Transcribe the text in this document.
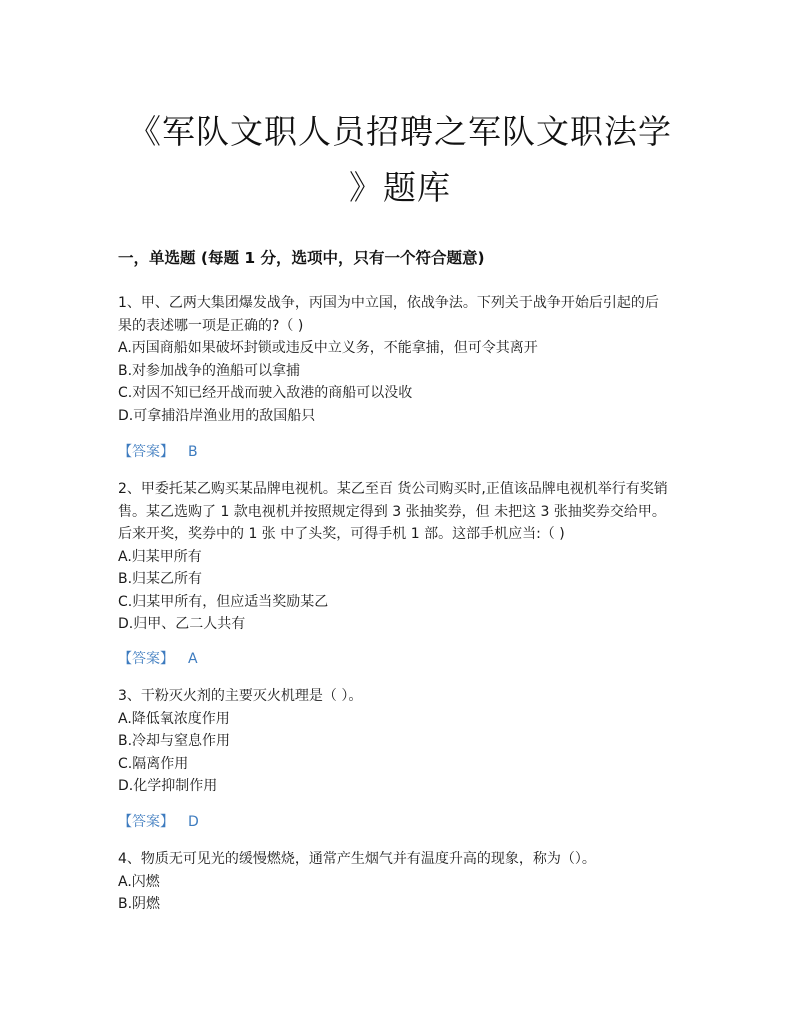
《军队文职人员招聘之军队文职法学
》题库
一，单选题 (每题 1 分，选项中，只有一个符合题意)

1、甲、乙两大集团爆发战争，丙国为中立国，依战争法。下列关于战争开始后引起的后

果的表述哪一项是正确的?（ )

A.丙国商船如果破坏封锁或违反中立义务，不能拿捕，但可令其离开

B.对参加战争的渔船可以拿捕

C.对因不知已经开战而驶入敌港的商船可以没收

D.可拿捕沿岸渔业用的敌国船只

【答案】 B

2、甲委托某乙购买某品牌电视机。某乙至百 货公司购买时,正值该品牌电视机举行有奖销

售。某乙选购了 1 款电视机并按照规定得到 3 张抽奖券，但 未把这 3 张抽奖券交给甲。

后来开奖，奖券中的 1 张 中了头奖，可得手机 1 部。这部手机应当:（ )

A.归某甲所有

B.归某乙所有

C.归某甲所有，但应适当奖励某乙

D.归甲、乙二人共有

【答案】 A

3、干粉灭火剂的主要灭火机理是（ ）。

A.降低氧浓度作用

B.冷却与窒息作用

C.隔离作用

D.化学抑制作用

【答案】 D

4、物质无可见光的缓慢燃烧，通常产生烟气并有温度升高的现象，称为（）。

A.闪燃

B.阴燃
